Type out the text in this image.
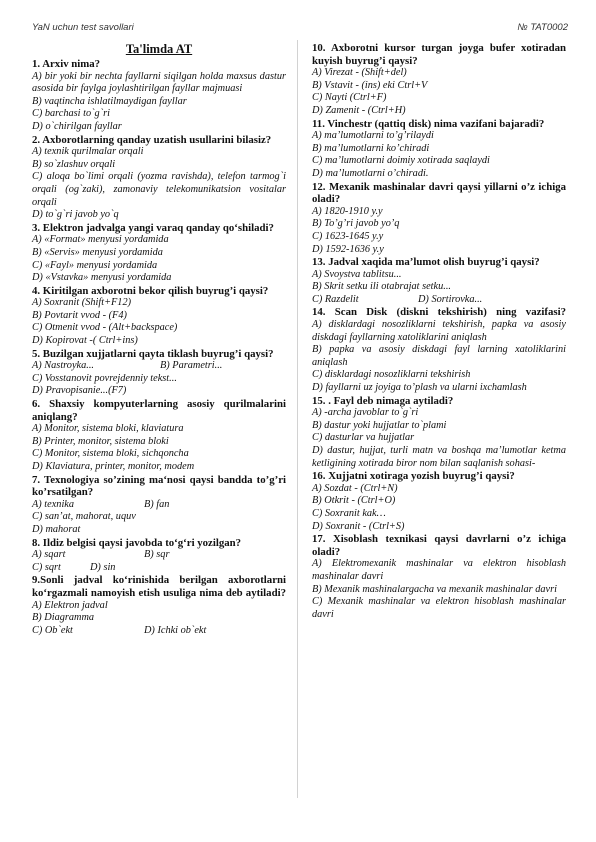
YaN uchun test savollari	№ TAT0002
Ta'limda AT
1. Arxiv nima?
A) bir yoki bir nechta fayllarni siqilgan holda maxsus dastur asosida bir faylga joylashtirilgan fayllar majmuasi
B) vaqtincha ishlatilmaydigan fayllar
C) barchasi to`g`ri
D) o`chirilgan fayllar
2. Axborotlarning qanday uzatish usullarini bilasiz?
A) texnik qurilmalar orqali
B) so`zlashuv orqali
C) aloqa bo`limi orqali (yozma ravishda), telefon tarmog`i orqali (og`zaki), zamonaviy telekomunikatsion vositalar orqali
D) to`g`ri javob yo`q
3. Elektron jadvalga yangi varaq qanday qo‘shiladi?
A) «Format» menyusi yordamida
B) «Servis» menyusi yordamida
C) «Fayl» menyusi yordamida
D) «Vstavka» menyusi yordamida
4. Kiritilgan axborotni bekor qilish buyrug’i qaysi?
A) Soxranit (Shift+F12)
B) Povtarit vvod - (F4)
C) Otmenit vvod - (Alt+backspace)
D) Kopirovat -( Ctrl+ins)
5. Buzilgan xujjatlarni qayta tiklash buyrug’i qaysi?
A) Nastroyka...	B) Parametri...
C) Vosstanovit povrejdenniy tekst...
D) Pravopisanie...(F7)
6. Shaxsiy kompyuterlarning asosiy qurilmalarini aniqlang?
A) Monitor, sistema bloki, klaviatura
B) Printer, monitor, sistema bloki
C) Monitor, sistema bloki, sichqoncha
D) Klaviatura, printer, monitor, modem
7. Texnologiya so’zining ma‘nosi qaysi bandda to’g’ri ko’rsatilgan?
A) texnika	B) fan
C) san’at, mahorat, uquv
D) mahorat
8. Ildiz belgisi qaysi javobda to‘g‘ri yozilgan?
A) sqart	B) sqr
C) sqrt	D) sin
9.Sonli jadval ko‘rinishida berilgan axborotlarni ko‘rgazmali namoyish etish usuliga nima deb aytiladi?
A) Elektron jadval
B) Diagramma
C) Ob`ekt	D) Ichki ob`ekt
10. Axborotni kursor turgan joyga bufer xotiradan kuyish buyrug’i qaysi?
A) Virezat - (Shift+del)
B) Vstavit - (ins) eki Ctrl+V
C) Nayti (Ctrl+F)
D) Zamenit - (Ctrl+H)
11. Vinchestr (qattiq disk) nima vazifani bajaradi?
A) ma’lumotlarni to’g’rilaydi
B) ma’lumotlarni ko’chiradi
C) ma’lumotlarni doimiy xotirada saqlaydi
D) ma’lumotlarni o’chiradi.
12. Mexanik mashinalar davri qaysi yillarni o’z ichiga oladi?
A) 1820-1910 y.y
B) To’g’ri javob yo’q
C) 1623-1645 y.y
D) 1592-1636 y.y
13. Jadval xaqida ma’lumot olish buyrug’i qaysi?
A) Svoystva tablitsu...
B) Skrit setku ili otabrajat setku...
C) Razdelit	D) Sortirovka...
14. Scan Disk (diskni tekshirish) ning vazifasi?
A) disklardagi nosozliklarni tekshirish, papka va asosiy diskdagi fayllarning xatoliklarini aniqlash
B) papka va asosiy diskdagi fayl larning xatoliklarini aniqlash
C) disklardagi nosozliklarni tekshirish
D) fayllarni uz joyiga to’plash va ularni ixchamlash
15. . Fayl deb nimaga aytiladi?
A) -archa javoblar to`g`ri
B) dastur yoki hujjatlar to`plami
C) dasturlar va hujjatlar
D) dastur, hujjat, turli matn va boshqa ma’lumotlar ketma ketligining xotirada biror nom bilan saqlanish sohasi-
16. Xujjatni xotiraga yozish buyrug’i qaysi?
A) Sozdat - (Ctrl+N)
B) Otkrit - (Ctrl+O)
C) Soxranit kak…
D) Soxranit - (Ctrl+S)
17. Xisoblash texnikasi qaysi davrlarni o’z ichiga oladi?
A) Elektromexanik mashinalar va elektron hisoblash mashinalar davri
B) Mexanik mashinalargacha va mexanik mashinalar davri
C) Mexanik mashinalar va elektron hisoblash mashinalar davri
